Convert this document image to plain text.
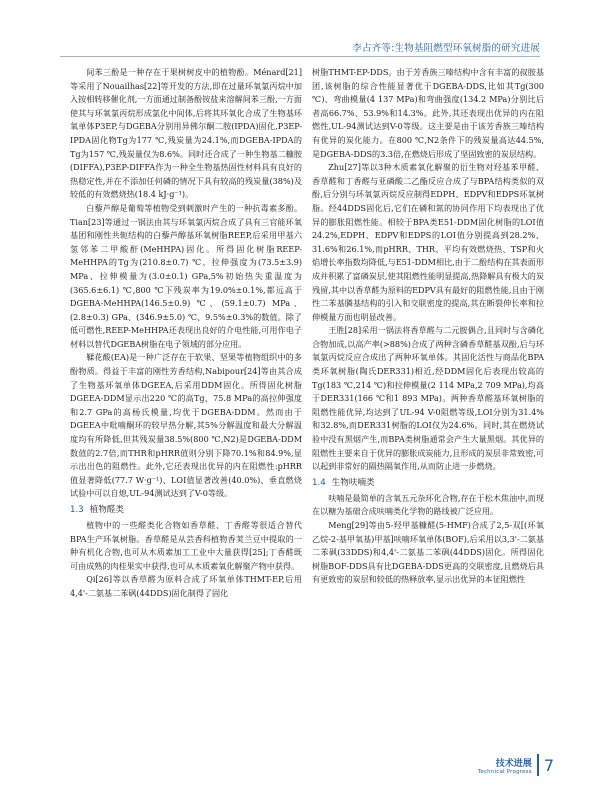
李占齐等:生物基阻燃型环氧树脂的研究进展

间苯三酚是一种存在于果树树皮中的植物酚。Ménard[21]等采用了Nouailhas[22]等开发的方法,即在过量环氧氯丙烷中加入铵相转移催化剂,一方面通过制备酚铵盐来溶解间苯三酚,一方面使其与环氧氯丙烷形成氯化中间体,后将其环氧化合成了生物基环氧单体P3EP,与DGEBA分别用异佛尔酮二胺(IPDA)固化,P3EP-IPDA固化物Tg为177 ℃,残炭量为24.1%,而DGEBA-IPDA的Tg为157 ℃,残炭量仅为8.6%。同时还合成了一种生物基二糠胺(DIFFA),P3EP-DIFFA作为一种全生物基热固性材料具有良好的热稳定性,并在不添加任何磷的情况下具有较高的残炭量(38%)及较低的有效燃烧热(18.4 kJ·g⁻¹)。

白藜芦醇是葡萄等植物受到刺激时产生的一种抗毒素多酚。Tian[23]等通过一锅法由其与环氧氯丙烷合成了具有三官能环氧基团和刚性共轭结构的白藜芦醇基环氧树脂REEP,后采用甲基六氢邻苯二甲酸酐(MeHHPA)固化。所得固化树脂REEP-MeHHPA的Tg为(210.8±0.7) ℃、拉伸强度为(73.5±3.9) MPa、拉伸模量为(3.0±0.1) GPa,5%初始热失重温度为(365.6±6.1) ℃,800 ℃下残炭率为19.0%±0.1%,都远高于DGEBA-MeHHPA(146.5±0.9) ℃、(59.1±0.7) MPa、(2.8±0.3) GPa、(346.9±5.0) ℃、9.5%±0.3%的数值。除了低可燃性,REEP-MeHHPA还表现出良好的介电性能,可用作电子材料以替代DGEBA树脂在电子领域的部分应用。

鞣花酸(EA)是一种广泛存在于软果、坚果等植物组织中的多酚物质。得益于丰富的刚性芳香结构,Nabipour[24]等由其合成了生物基环氧单体DGEEA,后采用DDM固化。所得固化树脂DGEEA-DDM显示出220 ℃的高Tg、75.8 MPa的高拉伸强度和2.7 GPa的高杨氏模量,均优于DGEBA-DDM。然而由于DGEEA中吡喃酮环的较早热分解,其5%分解温度和最大分解温度均有所降低,但其残炭量38.5%(800 ℃,N2)是DGEBA-DDM数值的2.7倍,而THR和pHRR值则分别下降70.1%和84.9%,显示出出色的阻燃性。此外,它还表现出优异的内在阻燃性:pHRR值显著降低(77.7 W·g⁻¹)、LOI值显著改善(40.0%)、垂直燃烧试验中可以自熄,UL-94测试达到了V-0等级。

1.3 植物醛类

植物中的一些醛类化合物如香草醛、丁香醛等很适合替代BPA生产环氧树脂。香草醛是从芸香科植物香荚兰豆中提取的一种有机化合物,也可从木质素加工工业中大量获得[25];丁香醛既可由成熟的肉桂果实中获得,也可从木质素氧化解聚产物中获得。

Qi[26]等以香草醛为原料合成了环氧单体THMT-EP,后用4,4'-二氨基二苯砜(44DDS)固化制得了固化

树脂THMT-EP-DDS。由于芳香族三嗪结构中含有丰富的叔胺基团,该树脂的综合性能显著优于DGEBA-DDS,比如其Tg(300 ℃)、弯曲模量(4 137 MPa)和弯曲强度(134.2 MPa)分别比后者高66.7%、53.9%和14.3%。此外,其还表现出优异的内在阻燃性,UL-94测试达到V-0等级。这主要是由于该芳香族三嗪结构有优异的炭化能力。在800 ℃,N2条件下的残炭量高达44.5%,是DGEBA-DDS的3.3倍,在燃烧后形成了坚固致密的炭层结构。

Zhu[27]等以3种木质素氧化解聚的衍生物对羟基苯甲醛、香草醛和丁香醛与亚磷酸二乙酯反应合成了与BPA结构类似的双酚,后分别与环氧氯丙烷反应制得EDPH、EDPV和EDPS环氧树脂。经44DDS固化后,它们在磷和氮的协同作用下均表现出了优异的膨胀阻燃性能。相较于BPA类E51-DDM固化树脂的LOI值24.2%,EDPH、EDPV和EDPS的LOI值分别提高到28.2%、31.6%和26.1%,而pHRR、THR、平均有效燃烧热、TSP和火焰增长率指数均降低,与E51-DDM相比,由于二酚结构在其表面形成并积累了富磷炭层,使其阻燃性能明显提高,热降解具有极大的炭残留,其中以香草醛为原料的EDPV具有最好的阻燃性能,且由于刚性二苯基膦基结构的引入和交联密度的提高,其在断裂伸长率和拉伸模量方面也明显改善。

王胜[28]采用一锅法将香草醛与二元胺偶合,且同时与含磷化合物加成,以高产率(>88%)合成了两种含磷香草醛基双酚,后与环氧氯丙烷反应合成出了两种环氧单体。其固化活性与商品化BPA类环氧树脂(陶氏DER331)相近,经DDM固化后表现出较高的Tg(183 ℃,214 ℃)和拉伸模量(2 114 MPa,2 709 MPa),均高于DER331(166 ℃和1 893 MPa)。两种香草醛基环氧树脂的阻燃性能优异,均达到了UL-94 V-0阻燃等级,LOI分别为31.4%和32.8%,而DER331树脂的LOI仅为24.6%。同时,其在燃烧试验中没有黑烟产生,而BPA类树脂通常会产生大量黑烟。其优异的阻燃性主要来自于优异的膨胀成炭能力,且形成的炭层非常致密,可以起到非常好的隔热隔氧作用,从而防止进一步燃烧。

1.4 生物呋喃类

呋喃是最简单的含氧五元杂环化合物,存在于松木焦油中,而现在以糖为基础合成呋喃类化学物的路线被广泛应用。

Meng[29]等由5-羟甲基糠醛(5-HMF)合成了2,5-双[(环氧乙烷-2-基甲氧基)甲基]呋喃环氧单体(BOF),后采用以3,3'-二氨基二苯砜(33DDS)和4,4'-二氨基二苯砜(44DDS)固化。所得固化树脂BOF-DDS具有比DGEBA-DDS更高的交联密度,且燃烧后具有更致密的炭层和较低的热释放率,显示出优异的本征阻燃性

技术进展
Technical Progress 7
